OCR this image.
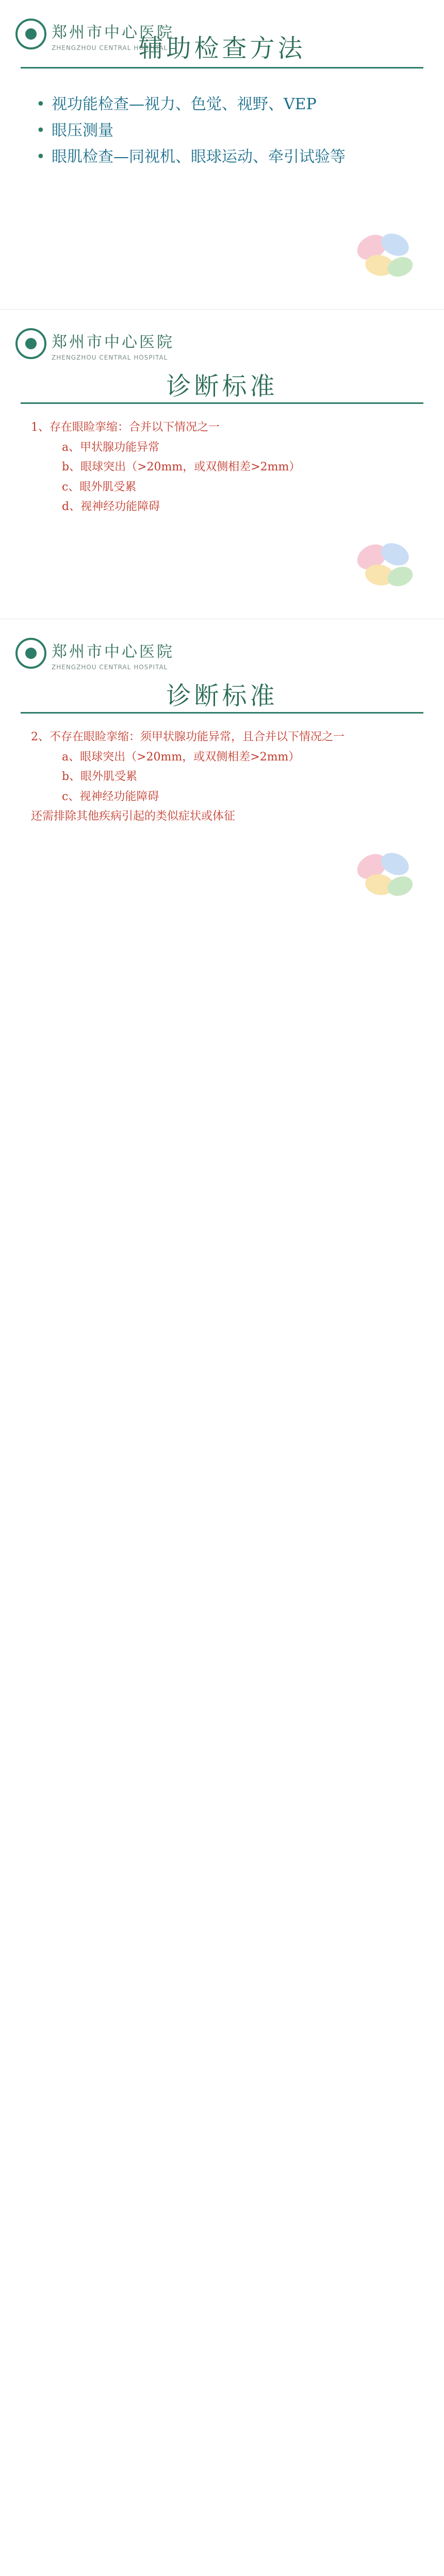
郑州市中心医院
ZHENGZHOU CENTRAL HOSPITAL
辅助检查方法
• 视功能检查—视力、色觉、视野、VEP
• 眼压测量
• 眼肌检查—同视机、眼球运动、牵引试验等
郑州市中心医院
ZHENGZHOU CENTRAL HOSPITAL
诊断标准
1、存在眼睑挛缩：合并以下情况之一
a、甲状腺功能异常
b、眼球突出（>20mm，或双侧相差>2mm）
c、眼外肌受累
d、视神经功能障碍
郑州市中心医院
ZHENGZHOU CENTRAL HOSPITAL
诊断标准
2、不存在眼睑挛缩：须甲状腺功能异常，且合并以下情况之一
a、眼球突出（>20mm，或双侧相差>2mm）
b、眼外肌受累
c、视神经功能障碍
还需排除其他疾病引起的类似症状或体征
